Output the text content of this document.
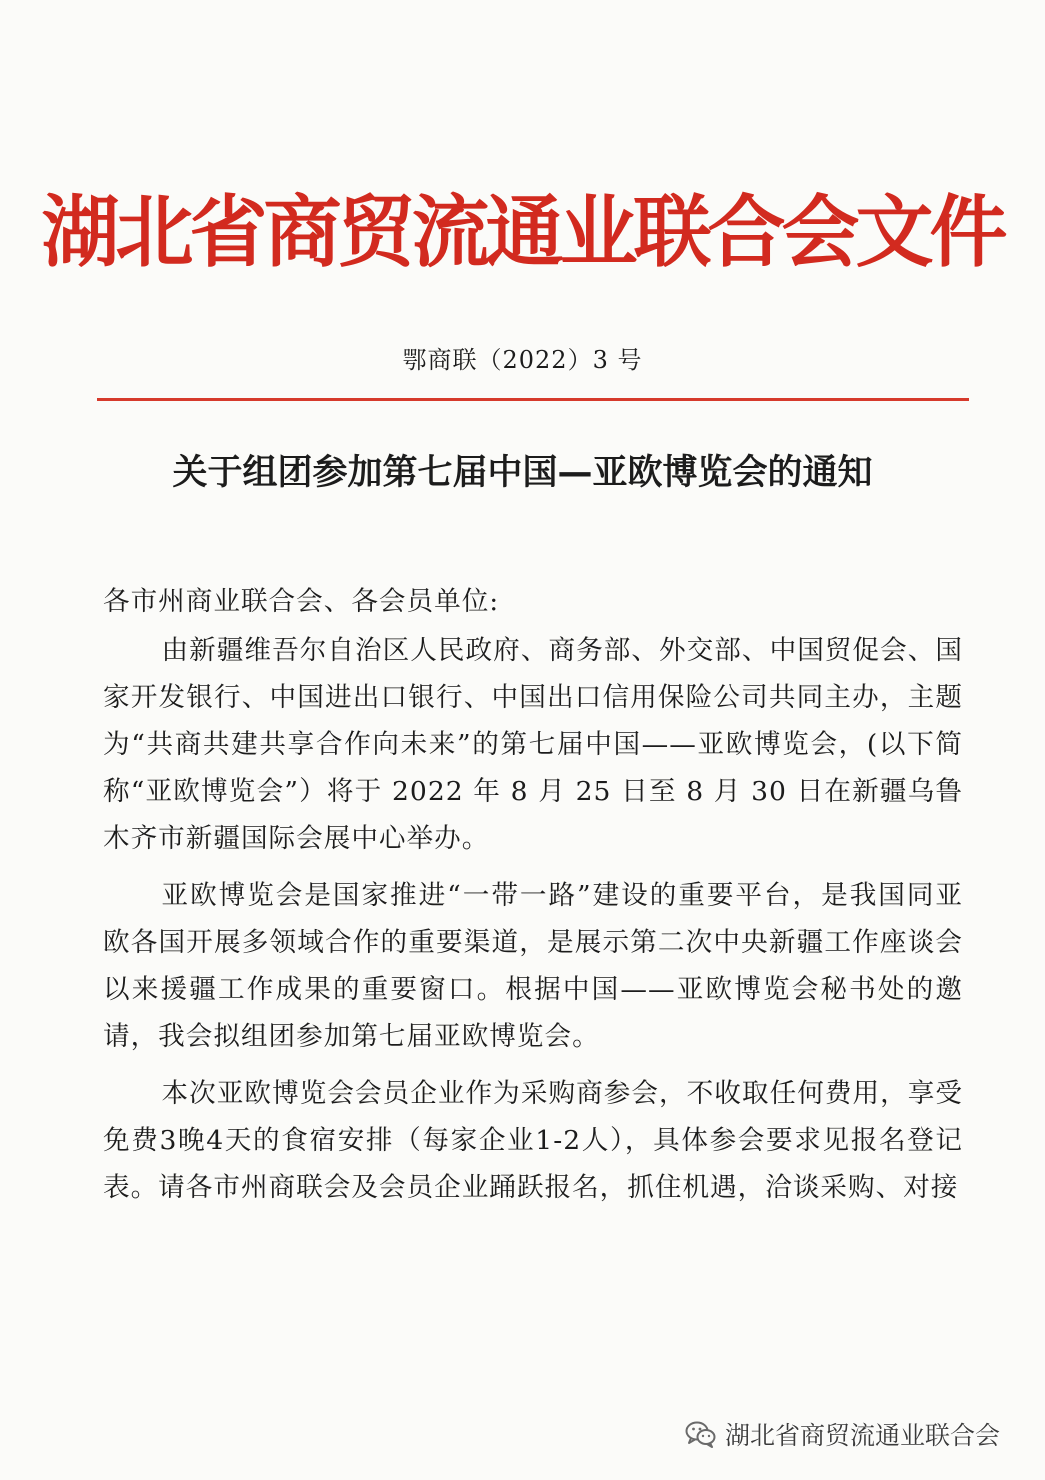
湖北省商贸流通业联合会文件
鄂商联（2022）3 号
关于组团参加第七届中国—亚欧博览会的通知

各市州商业联合会、各会员单位:

由新疆维吾尔自治区人民政府、商务部、外交部、中国贸促会、国家开发银行、中国进出口银行、中国出口信用保险公司共同主办，主题为“共商共建共享合作向未来”的第七届中国——亚欧博览会，(以下简称“亚欧博览会”）将于 2022 年 8 月 25 日至 8 月 30 日在新疆乌鲁木齐市新疆国际会展中心举办。

亚欧博览会是国家推进“一带一路”建设的重要平台，是我国同亚欧各国开展多领域合作的重要渠道，是展示第二次中央新疆工作座谈会以来援疆工作成果的重要窗口。根据中国——亚欧博览会秘书处的邀请，我会拟组团参加第七届亚欧博览会。

本次亚欧博览会会员企业作为采购商参会，不收取任何费用，享受免费3晚4天的食宿安排（每家企业1-2人），具体参会要求见报名登记表。请各市州商联会及会员企业踊跃报名，抓住机遇，洽谈采购、对接

湖北省商贸流通业联合会
